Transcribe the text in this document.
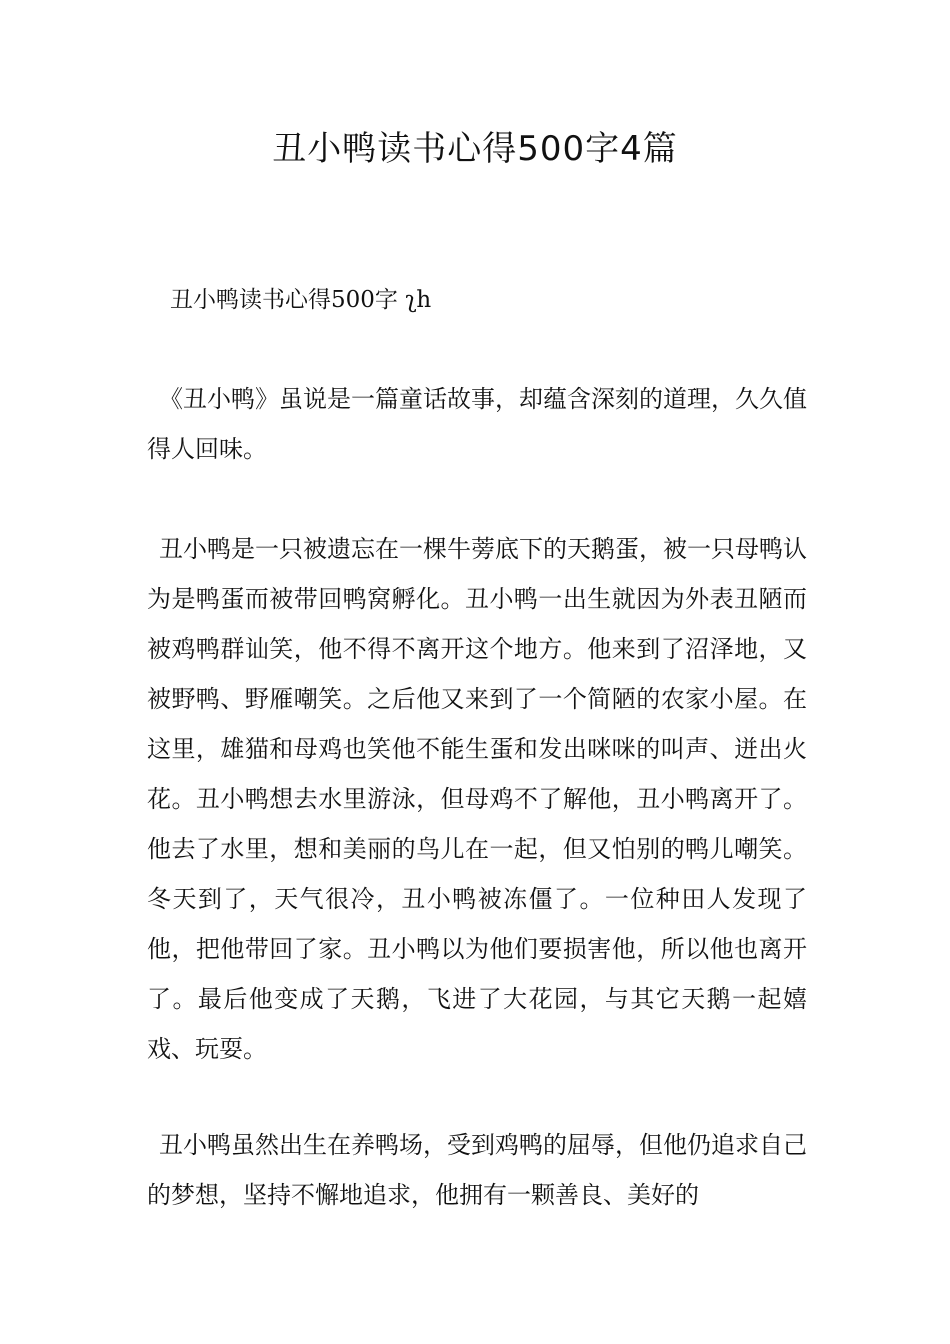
丑小鸭读书心得500字4篇
丑小鸭读书心得500字 ʅh

《丑小鸭》虽说是一篇童话故事，却蕴含深刻的道理，久久值得人回味。

丑小鸭是一只被遗忘在一棵牛蒡底下的天鹅蛋，被一只母鸭认为是鸭蛋而被带回鸭窝孵化。丑小鸭一出生就因为外表丑陋而被鸡鸭群讪笑，他不得不离开这个地方。他来到了沼泽地，又被野鸭、野雁嘲笑。之后他又来到了一个简陋的农家小屋。在这里，雄猫和母鸡也笑他不能生蛋和发出咪咪的叫声、迸出火花。丑小鸭想去水里游泳，但母鸡不了解他，丑小鸭离开了。他去了水里，想和美丽的鸟儿在一起，但又怕别的鸭儿嘲笑。冬天到了，天气很冷，丑小鸭被冻僵了。一位种田人发现了他，把他带回了家。丑小鸭以为他们要损害他，所以他也离开了。最后他变成了天鹅，飞进了大花园，与其它天鹅一起嬉戏、玩耍。

丑小鸭虽然出生在养鸭场，受到鸡鸭的屈辱，但他仍追求自己的梦想，坚持不懈地追求，他拥有一颗善良、美好的
